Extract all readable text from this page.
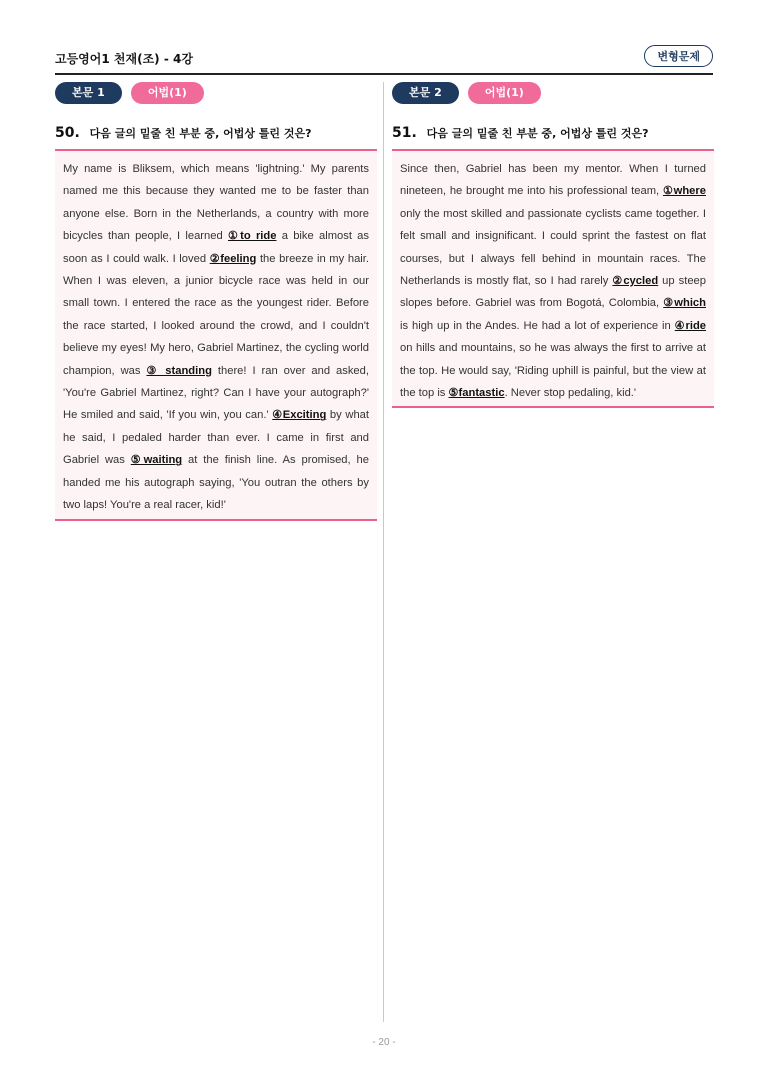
고등영어1 천재(조) - 4강	변형문제
본문 1	어법(1)
50. 다음 글의 밑줄 친 부분 중, 어법상 틀린 것은?
My name is Bliksem, which means 'lightning.' My parents named me this because they wanted me to be faster than anyone else. Born in the Netherlands, a country with more bicycles than people, I learned ①to ride a bike almost as soon as I could walk. I loved ②feeling the breeze in my hair. When I was eleven, a junior bicycle race was held in our small town. I entered the race as the youngest rider. Before the race started, I looked around the crowd, and I couldn't believe my eyes! My hero, Gabriel Martinez, the cycling world champion, was ③ standing there! I ran over and asked, 'You're Gabriel Martinez, right? Can I have your autograph?' He smiled and said, 'If you win, you can.' ④Exciting by what he said, I pedaled harder than ever. I came in first and Gabriel was ⑤waiting at the finish line. As promised, he handed me his autograph saying, 'You outran the others by two laps! You're a real racer, kid!'
본문 2	어법(1)
51. 다음 글의 밑줄 친 부분 중, 어법상 틀린 것은?
Since then, Gabriel has been my mentor. When I turned nineteen, he brought me into his professional team, ①where only the most skilled and passionate cyclists came together. I felt small and insignificant. I could sprint the fastest on flat courses, but I always fell behind in mountain races. The Netherlands is mostly flat, so I had rarely ②cycled up steep slopes before. Gabriel was from Bogotá, Colombia, ③which is high up in the Andes. He had a lot of experience in ④ride on hills and mountains, so he was always the first to arrive at the top. He would say, 'Riding uphill is painful, but the view at the top is ⑤fantastic. Never stop pedaling, kid.'
- 20 -
